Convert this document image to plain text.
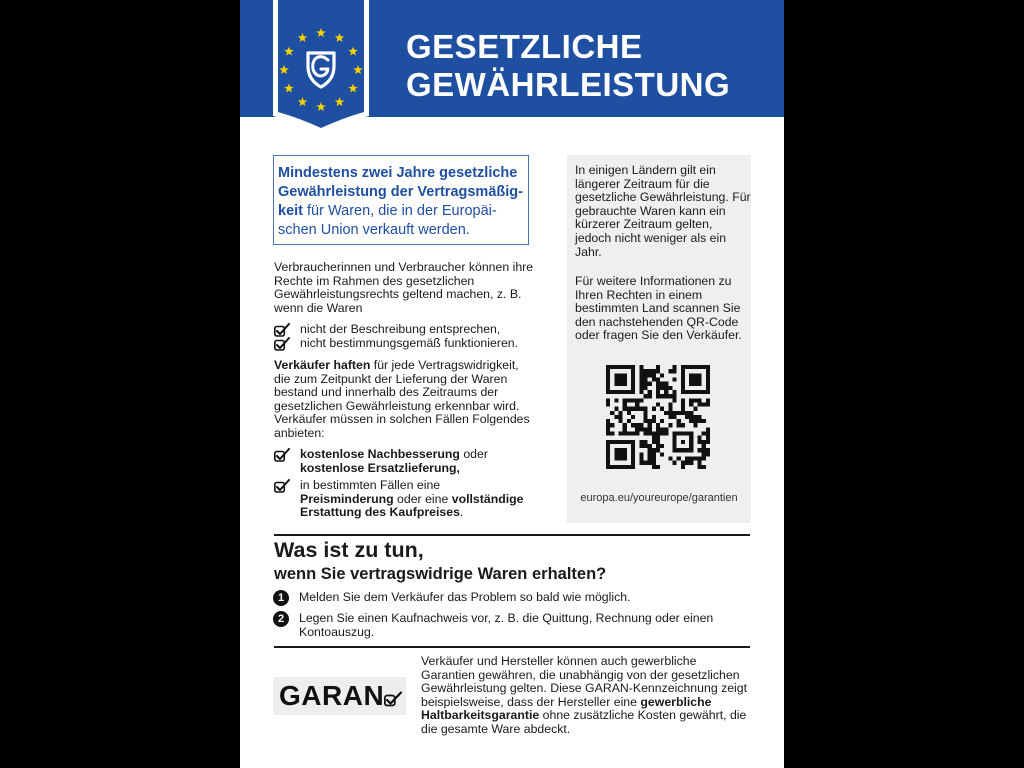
GESETZLICHE
GEWÄHRLEISTUNG
Mindestens zwei Jahre gesetzliche Gewährleistung der Vertragsmäßig-keit für Waren, die in der Europäi-schen Union verkauft werden.
Verbraucherinnen und Verbraucher können ihre Rechte im Rahmen des gesetzlichen Gewährleistungsrechts geltend machen, z. B. wenn die Waren
nicht der Beschreibung entsprechen,
nicht bestimmungsgemäß funktionieren.
Verkäufer haften für jede Vertragswidrigkeit, die zum Zeitpunkt der Lieferung der Waren bestand und innerhalb des Zeitraums der gesetzlichen Gewährleistung erkennbar wird. Verkäufer müssen in solchen Fällen Folgendes anbieten:
kostenlose Nachbesserung oder
kostenlose Ersatzlieferung,
in bestimmten Fällen eine Preisminderung oder eine vollständige Erstattung des Kaufpreises.
In einigen Ländern gilt ein längerer Zeitraum für die gesetzliche Gewährleistung. Für gebrauchte Waren kann ein kürzerer Zeitraum gelten, jedoch nicht weniger als ein Jahr.
Für weitere Informationen zu Ihren Rechten in einem bestimmten Land scannen Sie den nachstehenden QR-Code oder fragen Sie den Verkäufer.
europa.eu/youreurope/garantien
Was ist zu tun,
wenn Sie vertragswidrige Waren erhalten?
1	Melden Sie dem Verkäufer das Problem so bald wie möglich.
2	Legen Sie einen Kaufnachweis vor, z. B. die Quittung, Rechnung oder einen Kontoauszug.
GARAN
Verkäufer und Hersteller können auch gewerbliche Garantien gewähren, die unabhängig von der gesetzlichen Gewährleistung gelten. Diese GARAN-Kennzeichnung zeigt beispielsweise, dass der Hersteller eine gewerbliche Haltbarkeitsgarantie ohne zusätzliche Kosten gewährt, die die gesamte Ware abdeckt.
